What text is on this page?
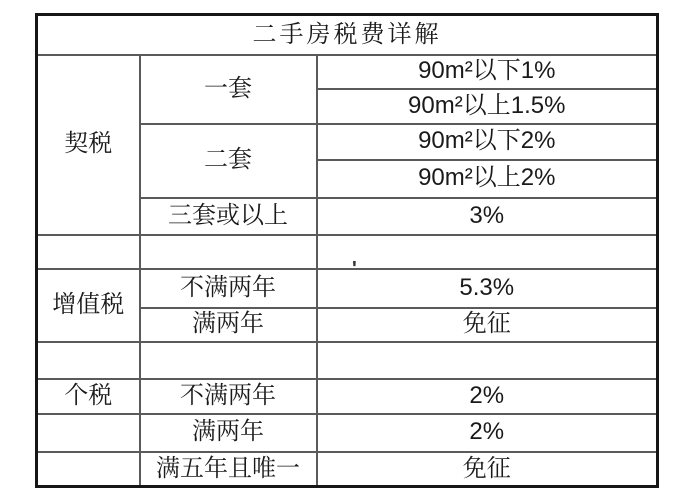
二手房税费详解		
契税	一套	90m²以下1%
		90m²以上1.5%
	二套	90m²以下2%
		90m²以上2%
	三套或以上	3%

增值税	不满两年	5.3%
	满两年	免征

个税	不满两年	2%
	满两年	2%
	满五年且唯一	免征
'
